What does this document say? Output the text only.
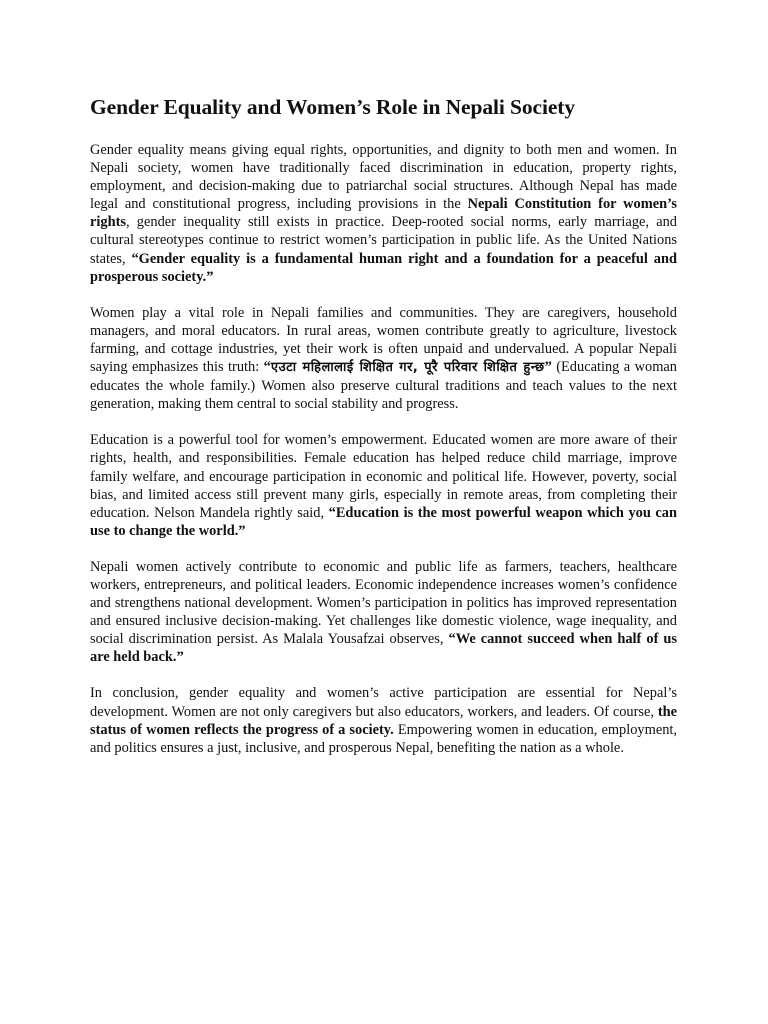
Gender Equality and Women’s Role in Nepali Society

Gender equality means giving equal rights, opportunities, and dignity to both men and women. In Nepali society, women have traditionally faced discrimination in education, property rights, employment, and decision-making due to patriarchal social structures. Although Nepal has made legal and constitutional progress, including provisions in the Nepali Constitution for women’s rights, gender inequality still exists in practice. Deep-rooted social norms, early marriage, and cultural stereotypes continue to restrict women’s participation in public life. As the United Nations states, “Gender equality is a fundamental human right and a foundation for a peaceful and prosperous society.”

Women play a vital role in Nepali families and communities. They are caregivers, household managers, and moral educators. In rural areas, women contribute greatly to agriculture, livestock farming, and cottage industries, yet their work is often unpaid and undervalued. A popular Nepali saying emphasizes this truth: “एउटा महिलालाई शिक्षित गर, पूरै परिवार शिक्षित हुन्छ” (Educating a woman educates the whole family.) Women also preserve cultural traditions and teach values to the next generation, making them central to social stability and progress.

Education is a powerful tool for women’s empowerment. Educated women are more aware of their rights, health, and responsibilities. Female education has helped reduce child marriage, improve family welfare, and encourage participation in economic and political life. However, poverty, social bias, and limited access still prevent many girls, especially in remote areas, from completing their education. Nelson Mandela rightly said, “Education is the most powerful weapon which you can use to change the world.”

Nepali women actively contribute to economic and public life as farmers, teachers, healthcare workers, entrepreneurs, and political leaders. Economic independence increases women’s confidence and strengthens national development. Women’s participation in politics has improved representation and ensured inclusive decision-making. Yet challenges like domestic violence, wage inequality, and social discrimination persist. As Malala Yousafzai observes, “We cannot succeed when half of us are held back.”

In conclusion, gender equality and women’s active participation are essential for Nepal’s development. Women are not only caregivers but also educators, workers, and leaders. Of course, the status of women reflects the progress of a society. Empowering women in education, employment, and politics ensures a just, inclusive, and prosperous Nepal, benefiting the nation as a whole.
